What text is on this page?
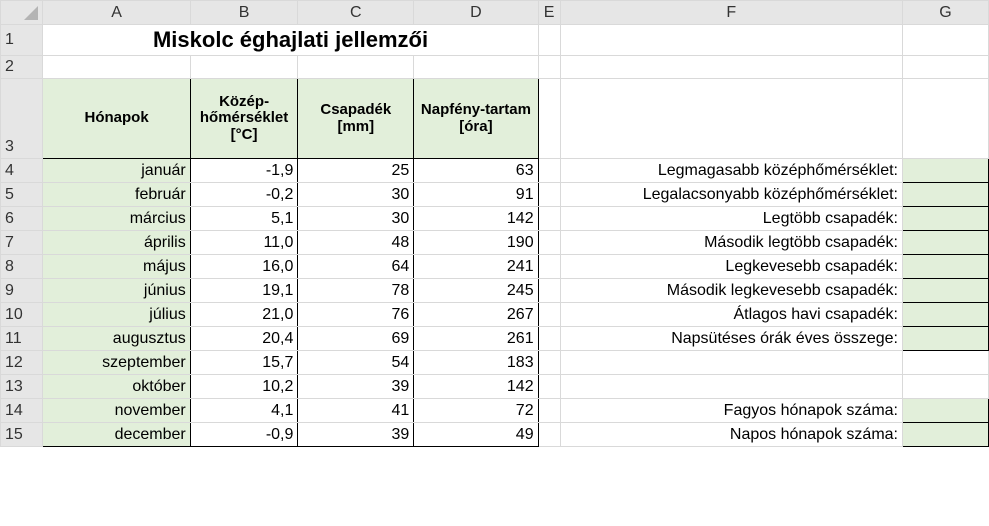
	A	B	C	D	E	F	G
1	Miskolc éghajlati jellemzői						
2							
3	Hónapok	Közép-hőmérséklet [°C]	Csapadék [mm]	Napfény-tartam [óra]			
4	január	-1,9	25	63		Legmagasabb középhőmérséklet:	
5	február	-0,2	30	91		Legalacsonyabb középhőmérséklet:	
6	március	5,1	30	142		Legtöbb csapadék:	
7	április	11,0	48	190		Második legtöbb csapadék:	
8	május	16,0	64	241		Legkevesebb csapadék:	
9	június	19,1	78	245		Második legkevesebb csapadék:	
10	július	21,0	76	267		Átlagos havi csapadék:	
11	augusztus	20,4	69	261		Napsütéses órák éves összege:	
12	szeptember	15,7	54	183			
13	október	10,2	39	142			
14	november	4,1	41	72		Fagyos hónapok száma:	
15	december	-0,9	39	49		Napos hónapok száma:	
